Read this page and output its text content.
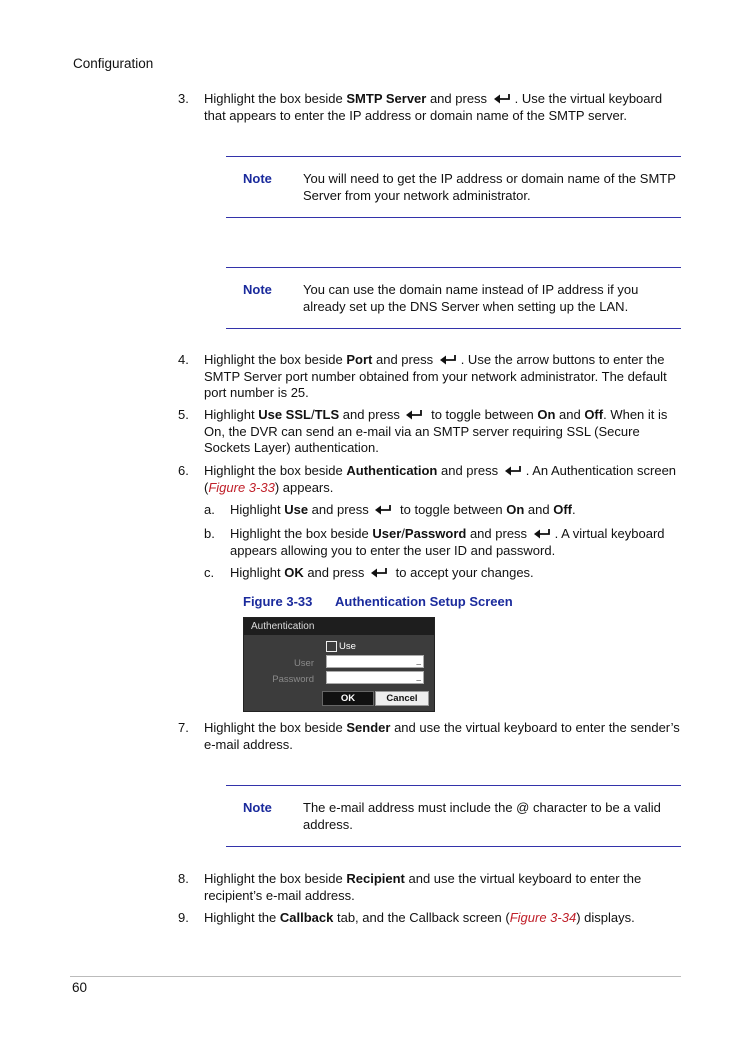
Configuration
3. Highlight the box beside SMTP Server and press . Use the virtual keyboard that appears to enter the IP address or domain name of the SMTP server.
Note You will need to get the IP address or domain name of the SMTP Server from your network administrator.
Note You can use the domain name instead of IP address if you already set up the DNS Server when setting up the LAN.
4. Highlight the box beside Port and press . Use the arrow buttons to enter the SMTP Server port number obtained from your network administrator. The default port number is 25.
5. Highlight Use SSL/TLS and press  to toggle between On and Off. When it is On, the DVR can send an e-mail via an SMTP server requiring SSL (Secure Sockets Layer) authentication.
6. Highlight the box beside Authentication and press . An Authentication screen (Figure 3-33) appears.
a. Highlight Use and press  to toggle between On and Off.
b. Highlight the box beside User/Password and press . A virtual keyboard appears allowing you to enter the user ID and password.
c. Highlight OK and press  to accept your changes.
Figure 3-33 Authentication Setup Screen
Authentication
Use
User	_
Password	_
OK	Cancel
7. Highlight the box beside Sender and use the virtual keyboard to enter the sender’s e-mail address.
Note The e-mail address must include the @ character to be a valid address.
8. Highlight the box beside Recipient and use the virtual keyboard to enter the recipient’s e-mail address.
9. Highlight the Callback tab, and the Callback screen (Figure 3-34) displays.
60
